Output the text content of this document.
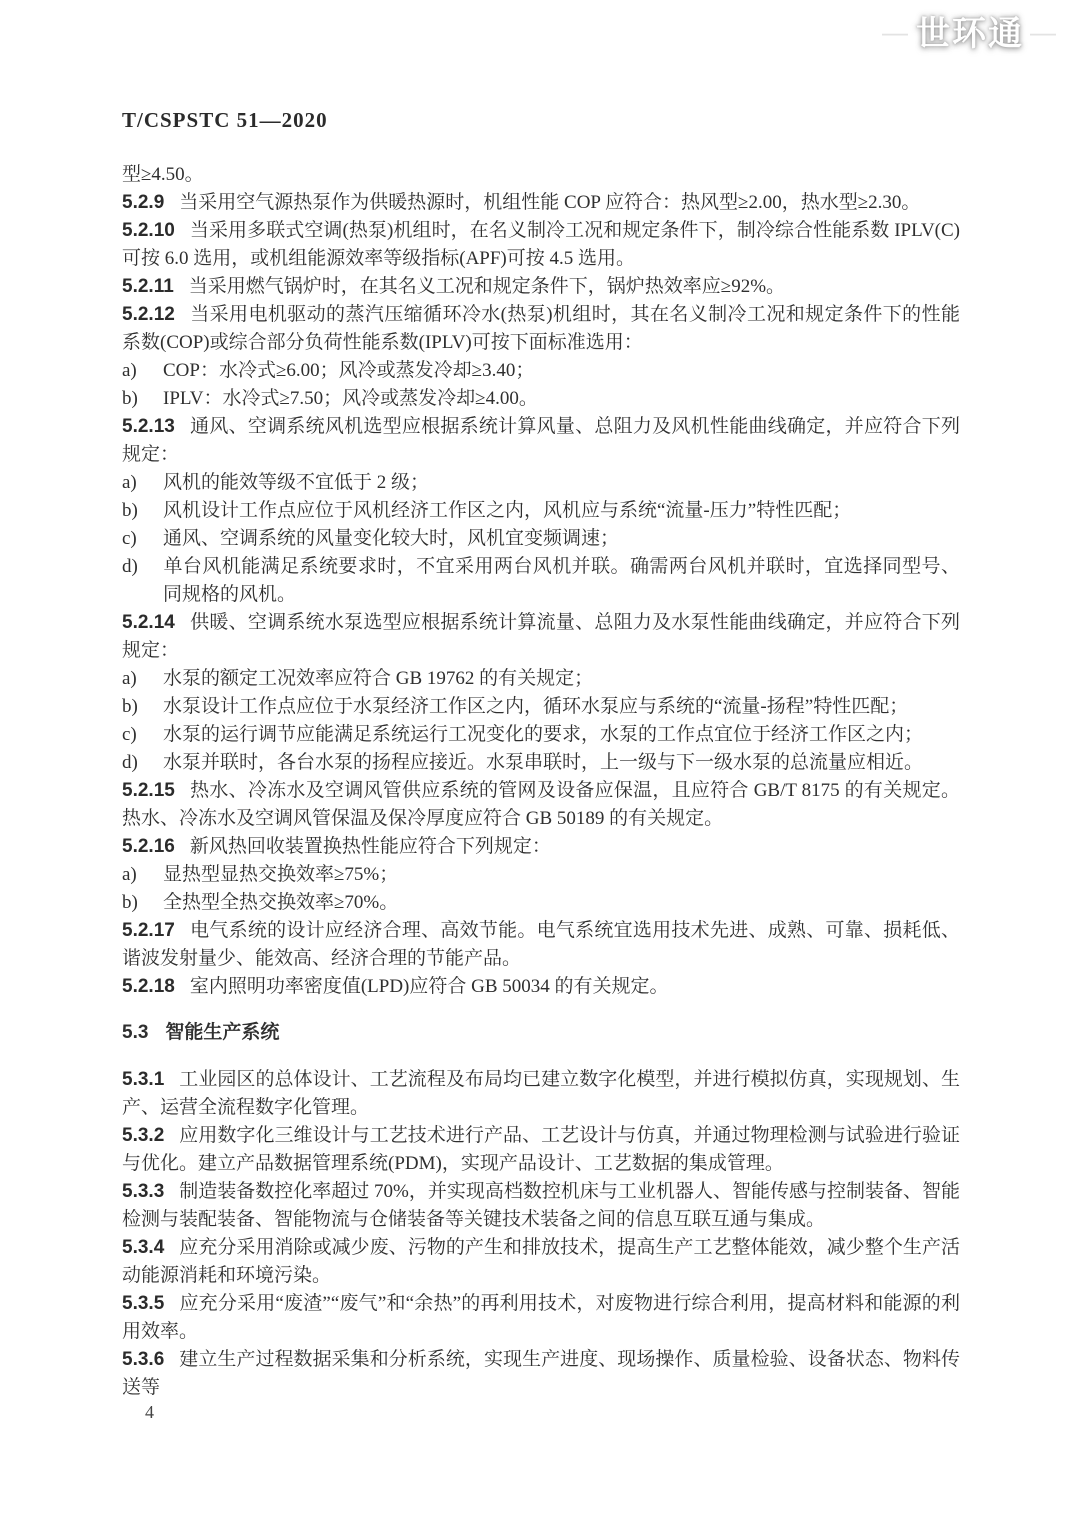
— 世环通 —

T/CSPSTC 51—2020

型≥4.50。

5.2.9 当采用空气源热泵作为供暖热源时，机组性能 COP 应符合：热风型≥2.00，热水型≥2.30。

5.2.10 当采用多联式空调(热泵)机组时，在名义制冷工况和规定条件下，制冷综合性能系数 IPLV(C)可按 6.0 选用，或机组能源效率等级指标(APF)可按 4.5 选用。

5.2.11 当采用燃气锅炉时，在其名义工况和规定条件下，锅炉热效率应≥92%。

5.2.12 当采用电机驱动的蒸汽压缩循环冷水(热泵)机组时，其在名义制冷工况和规定条件下的性能系数(COP)或综合部分负荷性能系数(IPLV)可按下面标准选用：

a) COP：水冷式≥6.00；风冷或蒸发冷却≥3.40；

b) IPLV：水冷式≥7.50；风冷或蒸发冷却≥4.00。

5.2.13 通风、空调系统风机选型应根据系统计算风量、总阻力及风机性能曲线确定，并应符合下列规定：

a) 风机的能效等级不宜低于 2 级；

b) 风机设计工作点应位于风机经济工作区之内，风机应与系统“流量-压力”特性匹配；

c) 通风、空调系统的风量变化较大时，风机宜变频调速；

d) 单台风机能满足系统要求时，不宜采用两台风机并联。确需两台风机并联时，宜选择同型号、同规格的风机。

5.2.14 供暖、空调系统水泵选型应根据系统计算流量、总阻力及水泵性能曲线确定，并应符合下列规定：

a) 水泵的额定工况效率应符合 GB 19762 的有关规定；

b) 水泵设计工作点应位于水泵经济工作区之内，循环水泵应与系统的“流量-扬程”特性匹配；

c) 水泵的运行调节应能满足系统运行工况变化的要求，水泵的工作点宜位于经济工作区之内；

d) 水泵并联时，各台水泵的扬程应接近。水泵串联时，上一级与下一级水泵的总流量应相近。

5.2.15 热水、冷冻水及空调风管供应系统的管网及设备应保温，且应符合 GB/T 8175 的有关规定。热水、冷冻水及空调风管保温及保冷厚度应符合 GB 50189 的有关规定。

5.2.16 新风热回收装置换热性能应符合下列规定：

a) 显热型显热交换效率≥75%；

b) 全热型全热交换效率≥70%。

5.2.17 电气系统的设计应经济合理、高效节能。电气系统宜选用技术先进、成熟、可靠、损耗低、谐波发射量少、能效高、经济合理的节能产品。

5.2.18 室内照明功率密度值(LPD)应符合 GB 50034 的有关规定。

5.3 智能生产系统

5.3.1 工业园区的总体设计、工艺流程及布局均已建立数字化模型，并进行模拟仿真，实现规划、生产、运营全流程数字化管理。

5.3.2 应用数字化三维设计与工艺技术进行产品、工艺设计与仿真，并通过物理检测与试验进行验证与优化。建立产品数据管理系统(PDM)，实现产品设计、工艺数据的集成管理。

5.3.3 制造装备数控化率超过 70%，并实现高档数控机床与工业机器人、智能传感与控制装备、智能检测与装配装备、智能物流与仓储装备等关键技术装备之间的信息互联互通与集成。

5.3.4 应充分采用消除或减少废、污物的产生和排放技术，提高生产工艺整体能效，减少整个生产活动能源消耗和环境污染。

5.3.5 应充分采用“废渣”“废气”和“余热”的再利用技术，对废物进行综合利用，提高材料和能源的利用效率。

5.3.6 建立生产过程数据采集和分析系统，实现生产进度、现场操作、质量检验、设备状态、物料传送等

4
